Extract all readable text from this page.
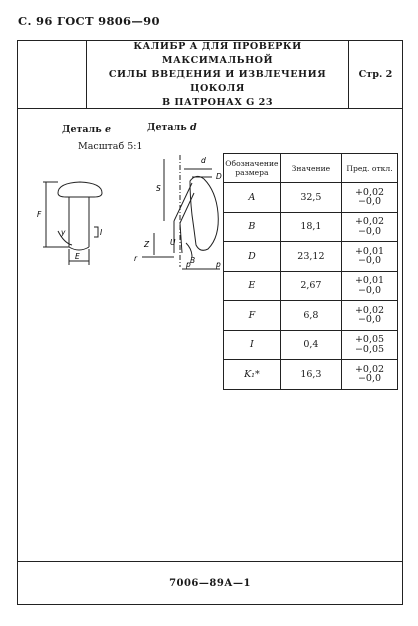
С. 96 ГОСТ 9806—90
КАЛИБР А ДЛЯ ПРОВЕРКИ МАКСИМАЛЬНОЙ
СИЛЫ ВВЕДЕНИЯ И ИЗВЛЕЧЕНИЯ ЦОКОЛЯ
В ПАТРОНАХ G 23
Стр. 2
Деталь е	Деталь d
Масштаб 5:1
F
y
E
I
d
D
S
Z
r
U
B
p	p
Обозначение размера	Значение	Пред. откл.
A	32,5	+0,02
−0,0

B	18,1	+0,02
−0,0

D	23,12	+0,01
−0,0

E	2,67	+0,01
−0,0

F	6,8	+0,02
−0,0

I	0,4	+0,05
−0,05

K₁*	16,3	+0,02
−0,0
7006—89А—1
